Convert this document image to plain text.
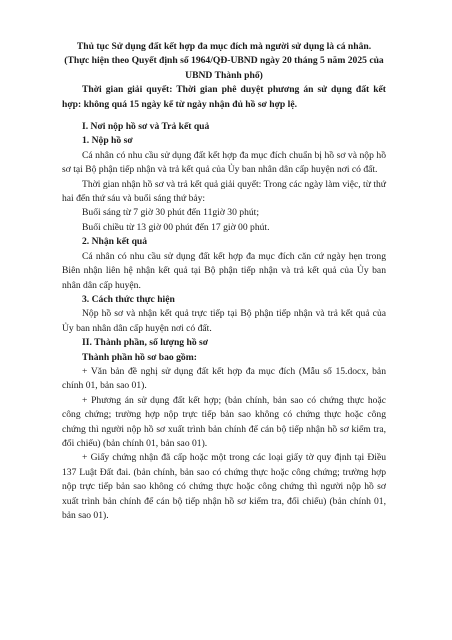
Thủ tục Sử dụng đất kết hợp đa mục đích mà người sử dụng là cá nhân.

(Thực hiện theo Quyết định số 1964/QĐ-UBND ngày 20 tháng 5 năm 2025 của UBND Thành phố)

Thời gian giải quyết: Thời gian phê duyệt phương án sử dụng đất kết hợp: không quá 15 ngày kể từ ngày nhận đủ hồ sơ hợp lệ.

I. Nơi nộp hồ sơ và Trả kết quả

1. Nộp hồ sơ

Cá nhân có nhu cầu sử dụng đất kết hợp đa mục đích chuẩn bị hồ sơ và nộp hồ sơ tại Bộ phận tiếp nhận và trả kết quả của Ủy ban nhân dân cấp huyện nơi có đất.

Thời gian nhận hồ sơ và trả kết quả giải quyết: Trong các ngày làm việc, từ thứ hai đến thứ sáu và buổi sáng thứ bảy:

Buổi sáng từ 7 giờ 30 phút đến 11giờ 30 phút;

Buổi chiều từ 13 giờ 00 phút đến 17 giờ 00 phút.

2. Nhận kết quả

Cá nhân có nhu cầu sử dụng đất kết hợp đa mục đích căn cứ ngày hẹn trong Biên nhận liên hệ nhận kết quả tại Bộ phận tiếp nhận và trả kết quả của Ủy ban nhân dân cấp huyện.

3. Cách thức thực hiện

Nộp hồ sơ và nhận kết quả trực tiếp tại Bộ phận tiếp nhận và trả kết quả của Ủy ban nhân dân cấp huyện nơi có đất.

II. Thành phần, số lượng hồ sơ

Thành phần hồ sơ bao gồm:

+ Văn bản đề nghị sử dụng đất kết hợp đa mục đích (Mẫu số 15.docx, bản chính 01, bản sao 01).

+ Phương án sử dụng đất kết hợp; (bản chính, bản sao có chứng thực hoặc công chứng; trường hợp nộp trực tiếp bản sao không có chứng thực hoặc công chứng thì người nộp hồ sơ xuất trình bản chính để cán bộ tiếp nhận hồ sơ kiểm tra, đối chiếu) (bản chính 01, bản sao 01).

+ Giấy chứng nhận đã cấp hoặc một trong các loại giấy tờ quy định tại Điều 137 Luật Đất đai. (bản chính, bản sao có chứng thực hoặc công chứng; trường hợp nộp trực tiếp bản sao không có chứng thực hoặc công chứng thì người nộp hồ sơ xuất trình bản chính để cán bộ tiếp nhận hồ sơ kiểm tra, đối chiếu) (bản chính 01, bản sao 01).
